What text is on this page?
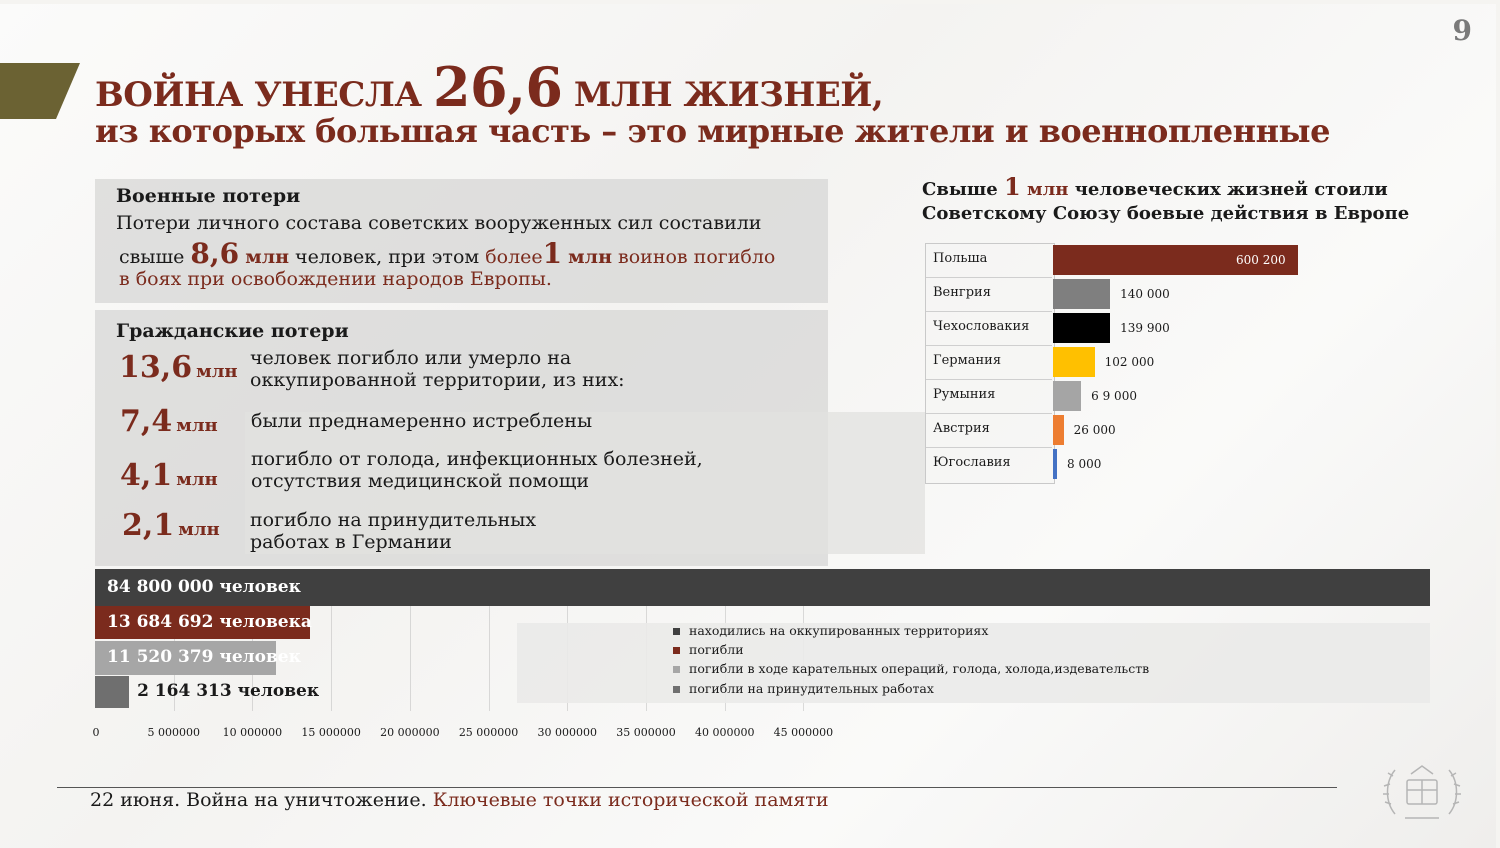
9
ВОЙНА УНЕСЛА 26,6 МЛН ЖИЗНЕЙ,
из которых большая часть – это мирные жители и военнопленные
Военные потери
Потери личного состава советских вооруженных сил составили
свыше 8,6 млн человек, при этом более1 млн воинов погибло
в боях при освобождении народов Европы.
Гражданские потери
13,6 млн
человек погибло или умерло на оккупированной территории, из них:
7,4 млн были преднамеренно истреблены
4,1 млн
погибло от голода, инфекционных болезней, отсутствия медицинской помощи
2,1 млн погибло на принудительных работах в Германии
Свыше 1 млн человеческих жизней стоили
Советскому Союзу боевые действия в Европе
Польша	600 200
Венгрия	140 000
Чехословакия	139 900
Германия	102 000
Румыния	6 9 000
Австрия	26 000
Югославия	8 000
0	5 000000 10 000000 15 000000 20 000000 25 000000 30 000000 35 000000 40 000000 45 000000
84 800 000 человек
13 684 692 человека
11 520 379 человек
2 164 313 человек
находились на оккупированных территориях
погибли
погибли в ходе карательных операций, голода, холода,издевательств
погибли на принудительных работах
22 июня. Война на уничтожение. Ключевые точки исторической памяти
